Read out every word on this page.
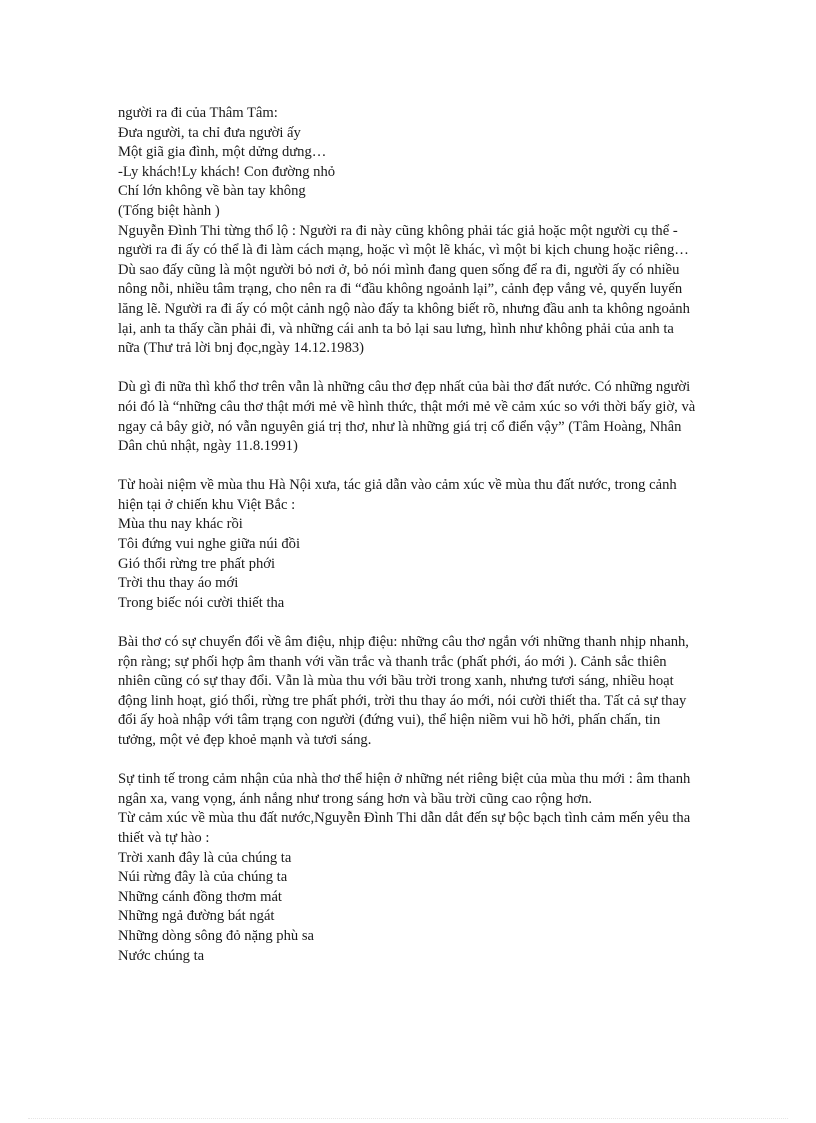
người ra đi của Thâm Tâm:
Đưa người, ta chỉ đưa người ấy
Một giã gia đình, một dửng dưng…
-Ly khách!Ly khách! Con đường nhỏ
Chí lớn không về bàn tay không
(Tống biệt hành )
Nguyễn Đình Thi từng thổ lộ : Người ra đi này cũng không phải tác giả hoặc một người cụ thể - người ra đi ấy có thể là đi làm cách mạng, hoặc vì một lẽ khác, vì một bi kịch chung hoặc riêng… Dù sao đấy cũng là một người bỏ nơi ở, bỏ nói mình đang quen sống để ra đi, người ấy có nhiều nông nỗi, nhiều tâm trạng, cho nên ra đi “đầu không ngoảnh lại”, cảnh đẹp vắng vẻ, quyến luyến lăng lẽ. Người ra đi ấy có một cảnh ngộ nào đấy ta không biết rõ, nhưng đầu anh ta không ngoảnh lại, anh ta thấy cần phải đi, và những cái anh ta bỏ lại sau lưng, hình như không phải của anh ta nữa (Thư trả lời bnj đọc,ngày 14.12.1983)
Dù gì đi nữa thì khổ thơ trên vẫn là những câu thơ đẹp nhất của bài thơ đất nước. Có những người nói đó là “những câu thơ thật mới mẻ về hình thức, thật mới mẻ về cảm xúc so với thời bấy giờ, và ngay cả bây giờ, nó vẫn nguyên giá trị thơ, như là những giá trị cổ điển vậy” (Tâm Hoàng, Nhân Dân chủ nhật, ngày 11.8.1991)
Từ hoài niệm về mùa thu Hà Nội xưa, tác giả dẫn vào cảm xúc về mùa thu đất nước, trong cảnh hiện tại ở chiến khu Việt Bắc :
Mùa thu nay khác rồi
Tôi đứng vui nghe giữa núi đồi
Gió thổi rừng tre phất phới
Trời thu thay áo mới
Trong biếc nói cười thiết tha
Bài thơ có sự chuyển đổi về âm điệu, nhịp điệu: những câu thơ ngắn với những thanh nhịp nhanh, rộn ràng; sự phối hợp âm thanh với vần trắc và thanh trắc (phất phới, áo mới ). Cảnh sắc thiên nhiên cũng có sự thay đổi. Vẫn là mùa thu với bầu trời trong xanh, nhưng tươi sáng, nhiều hoạt động linh hoạt, gió thổi, rừng tre phất phới, trời thu thay áo mới, nói cười thiết tha. Tất cả sự thay đổi ấy hoà nhập với tâm trạng con người (đứng vui), thể hiện niềm vui hồ hởi, phấn chấn, tin tưởng, một vẻ đẹp khoẻ mạnh và tươi sáng.
Sự tinh tế trong cảm nhận của nhà thơ thể hiện ở những nét riêng biệt của mùa thu mới : âm thanh ngân xa, vang vọng, ánh nắng như trong sáng hơn và bầu trời cũng cao rộng hơn.
Từ cảm xúc về mùa thu đất nước,Nguyễn Đình Thi dẫn dắt đến sự bộc bạch tình cảm mến yêu tha thiết và tự hào :
Trời xanh đây là của chúng ta
Núi rừng đây là của chúng ta
Những cánh đồng thơm mát
Những ngả đường bát ngát
Những dòng sông đỏ nặng phù sa
Nước chúng ta
